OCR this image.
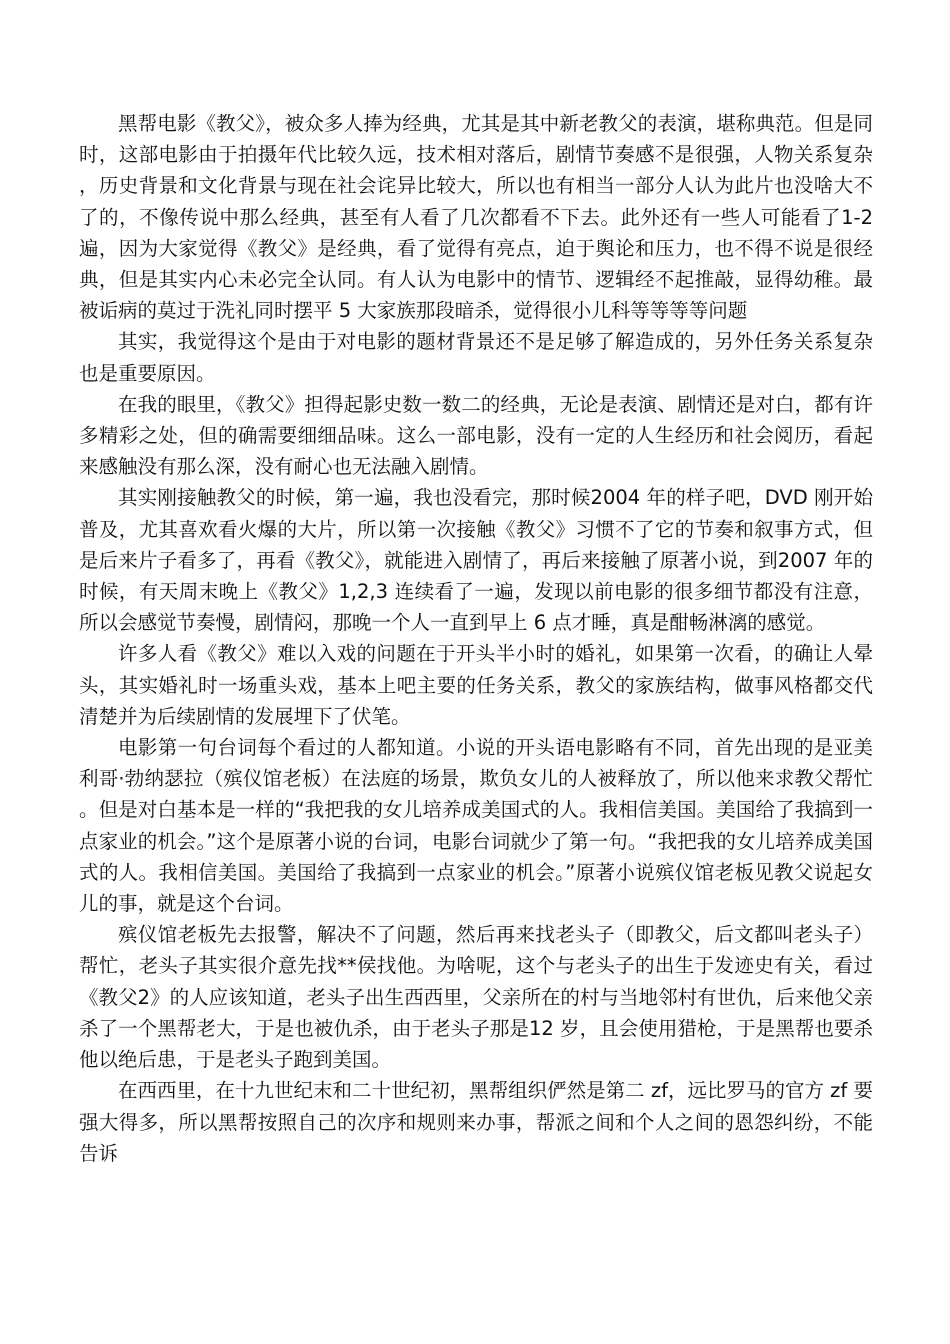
黑帮电影《教父》，被众多人捧为经典，尤其是其中新老教父的表演，堪称典范。但是同时，这部电影由于拍摄年代比较久远，技术相对落后，剧情节奏感不是很强，人物关系复杂，历史背景和文化背景与现在社会诧异比较大，所以也有相当一部分人认为此片也没啥大不了的，不像传说中那么经典，甚至有人看了几次都看不下去。此外还有一些人可能看了1-2 遍，因为大家觉得《教父》是经典，看了觉得有亮点，迫于舆论和压力，也不得不说是很经典，但是其实内心未必完全认同。有人认为电影中的情节、逻辑经不起推敲，显得幼稚。最被诟病的莫过于洗礼同时摆平 5 大家族那段暗杀，觉得很小儿科等等等等问题

其实，我觉得这个是由于对电影的题材背景还不是足够了解造成的，另外任务关系复杂也是重要原因。

在我的眼里，《教父》担得起影史数一数二的经典，无论是表演、剧情还是对白，都有许多精彩之处，但的确需要细细品味。这么一部电影，没有一定的人生经历和社会阅历，看起来感触没有那么深，没有耐心也无法融入剧情。

其实刚接触教父的时候，第一遍，我也没看完，那时候2004 年的样子吧，DVD 刚开始普及，尤其喜欢看火爆的大片，所以第一次接触《教父》习惯不了它的节奏和叙事方式，但是后来片子看多了，再看《教父》，就能进入剧情了，再后来接触了原著小说，到2007 年的时候，有天周末晚上《教父》1,2,3 连续看了一遍，发现以前电影的很多细节都没有注意，所以会感觉节奏慢，剧情闷，那晚一个人一直到早上 6 点才睡，真是酣畅淋漓的感觉。

许多人看《教父》难以入戏的问题在于开头半小时的婚礼，如果第一次看，的确让人晕头，其实婚礼时一场重头戏，基本上吧主要的任务关系，教父的家族结构，做事风格都交代清楚并为后续剧情的发展埋下了伏笔。

电影第一句台词每个看过的人都知道。小说的开头语电影略有不同，首先出现的是亚美利哥·勃纳瑟拉（殡仪馆老板）在法庭的场景，欺负女儿的人被释放了，所以他来求教父帮忙。但是对白基本是一样的“我把我的女儿培养成美国式的人。我相信美国。美国给了我搞到一点家业的机会。”这个是原著小说的台词，电影台词就少了第一句。“我把我的女儿培养成美国式的人。我相信美国。美国给了我搞到一点家业的机会。”原著小说殡仪馆老板见教父说起女儿的事，就是这个台词。

殡仪馆老板先去报警，解决不了问题，然后再来找老头子（即教父，后文都叫老头子）帮忙，老头子其实很介意先找**侯找他。为啥呢，这个与老头子的出生于发迹史有关，看过《教父2》的人应该知道，老头子出生西西里，父亲所在的村与当地邻村有世仇，后来他父亲杀了一个黑帮老大，于是也被仇杀，由于老头子那是12 岁，且会使用猎枪，于是黑帮也要杀他以绝后患，于是老头子跑到美国。

在西西里，在十九世纪末和二十世纪初，黑帮组织俨然是第二 zf，远比罗马的官方 zf 要强大得多，所以黑帮按照自己的次序和规则来办事，帮派之间和个人之间的恩怨纠纷，不能告诉
